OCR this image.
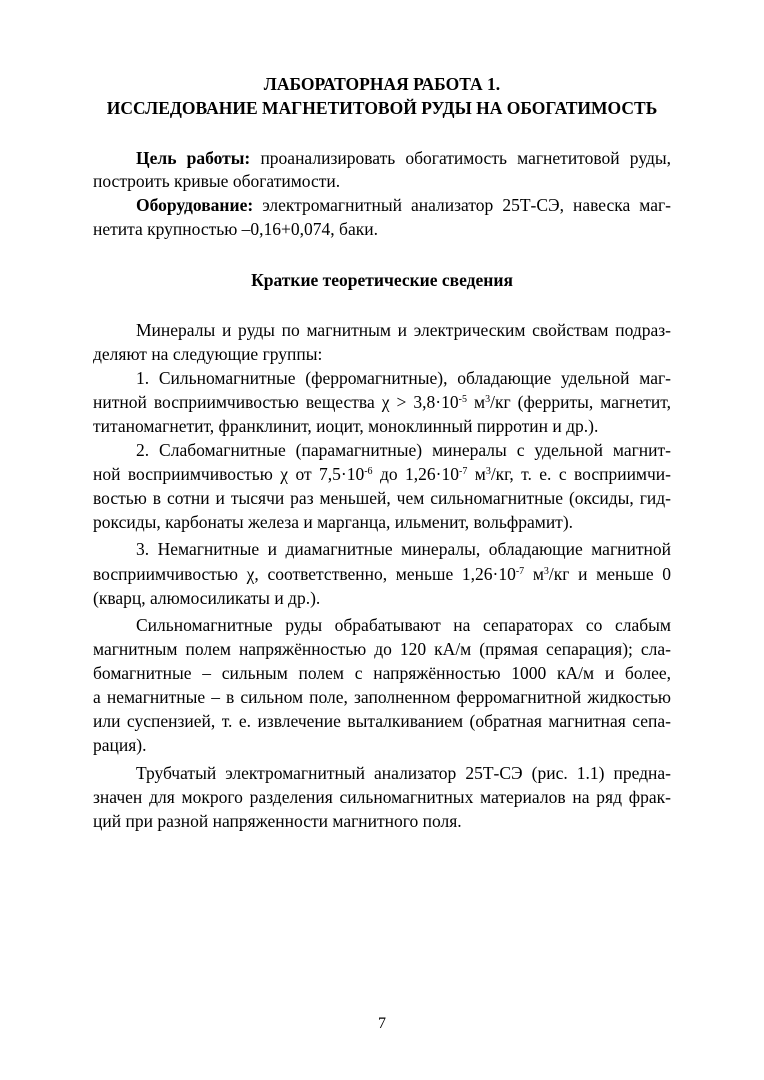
ЛАБОРАТОРНАЯ РАБОТА 1.
ИССЛЕДОВАНИЕ МАГНЕТИТОВОЙ РУДЫ НА ОБОГАТИМОСТЬ
Цель работы: проанализировать обогатимость магнетитовой руды,
построить кривые обогатимости.
Оборудование: электромагнитный анализатор 25Т-СЭ, навеска маг-
нетита крупностью –0,16+0,074, баки.
Краткие теоретические сведения
Минералы и руды по магнитным и электрическим свойствам подраз-
деляют на следующие группы:
1. Сильномагнитные (ферромагнитные), обладающие удельной маг-
нитной восприимчивостью вещества $\chi > 3,8\cdot 10^{-5}$ $м^3/кг$ (ферриты, магнетит,
титаномагнетит, франклинит, иоцит, моноклинный пирротин и др.).
2. Слабомагнитные (парамагнитные) минералы с удельной магнит-
ной восприимчивостью χ от $7,5\cdot 10^{-6}$ до $1,26\cdot 10^{-7}$ $м^3/кг$, т. е. с восприимчи-
востью в сотни и тысячи раз меньшей, чем сильномагнитные (оксиды, гид-
роксиды, карбонаты железа и марганца, ильменит, вольфрамит).
3. Немагнитные и диамагнитные минералы, обладающие магнитной
восприимчивостью χ, соответственно, меньше $1,26\cdot 10^{-7}$ $м^3/кг$ и меньше 0
(кварц, алюмосиликаты и др.).
Сильномагнитные руды обрабатывают на сепараторах со слабым
магнитным полем напряжённостью до 120 кА/м (прямая сепарация); сла-
бомагнитные – сильным полем с напряжённостью 1000 кА/м и более,
а немагнитные – в сильном поле, заполненном ферромагнитной жидкостью
или суспензией, т. е. извлечение выталкиванием (обратная магнитная сепа-
рация).
Трубчатый электромагнитный анализатор 25Т-СЭ (рис. 1.1) предна-
значен для мокрого разделения сильномагнитных материалов на ряд фрак-
ций при разной напряженности магнитного поля.
7
